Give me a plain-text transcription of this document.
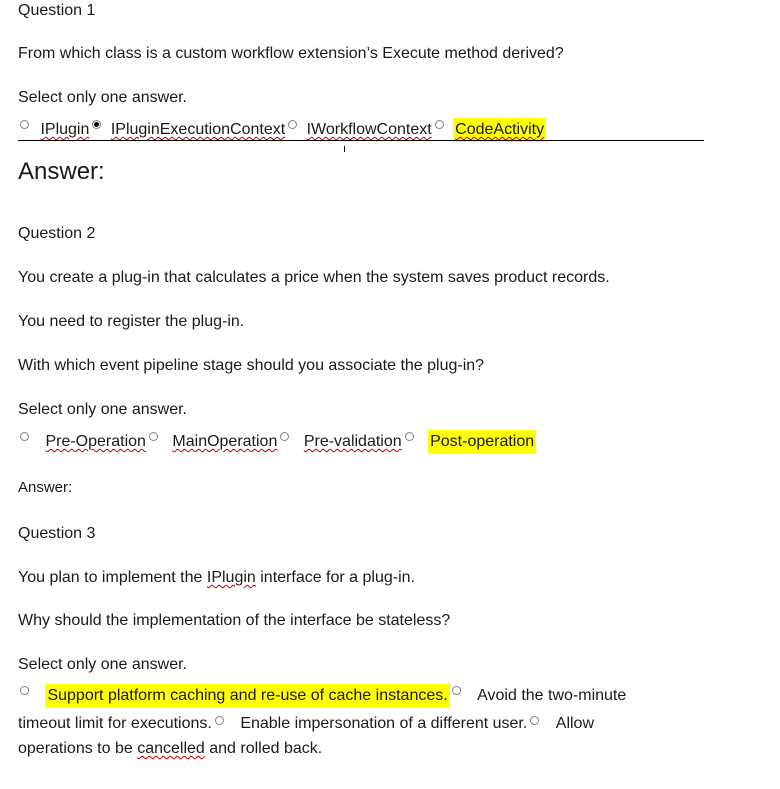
Question 1
From which class is a custom workflow extension’s Execute method derived?
Select only one answer.
IPlugin IPluginExecutionContext IWorkflowContext CodeActivity
Answer:
Question 2
You create a plug-in that calculates a price when the system saves product records.
You need to register the plug-in.
With which event pipeline stage should you associate the plug-in?
Select only one answer.
Pre-Operation MainOperation Pre-validation Post-operation
Answer:
Question 3
You plan to implement the IPlugin interface for a plug-in.
Why should the implementation of the interface be stateless?
Select only one answer.
Support platform caching and re-use of cache instances. Avoid the two-minute
timeout limit for executions. Enable impersonation of a different user. Allow
operations to be cancelled and rolled back.
